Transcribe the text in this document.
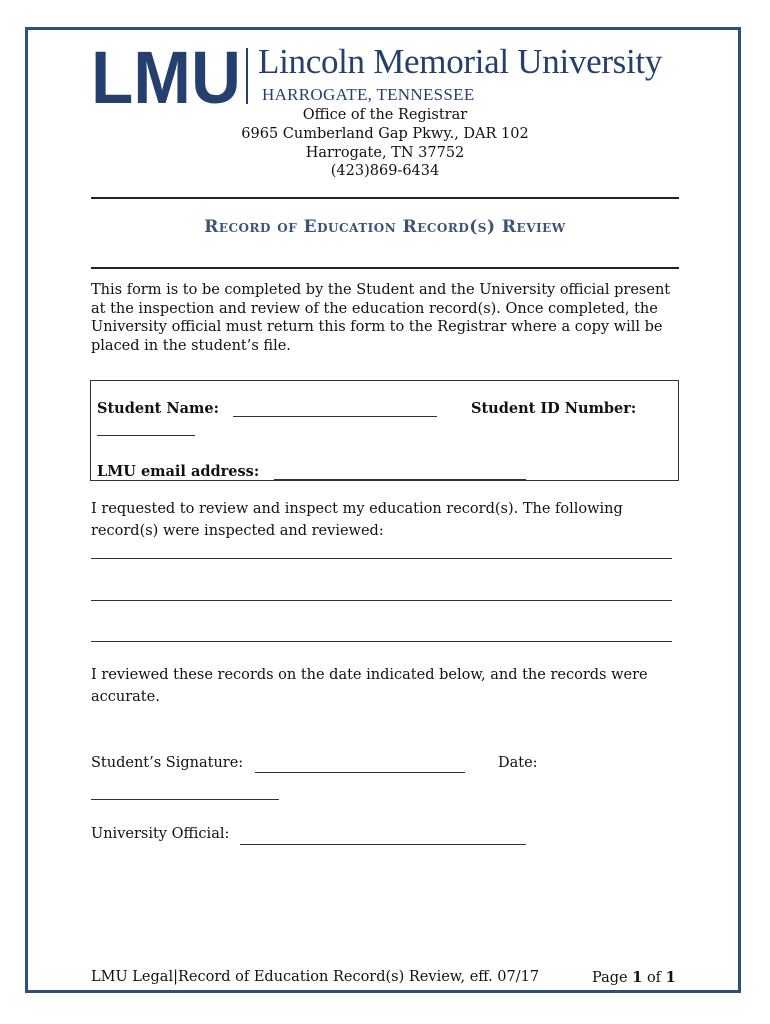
LMU Lincoln Memorial University
HARROGATE, TENNESSEE
Office of the Registrar
6965 Cumberland Gap Pkwy., DAR 102
Harrogate, TN 37752
(423)869-6434
Record of Education Record(s) Review
This form is to be completed by the Student and the University official present at the inspection and review of the education record(s). Once completed, the University official must return this form to the Registrar where a copy will be placed in the student’s file.
Student Name:	Student ID Number:
LMU email address:
I requested to review and inspect my education record(s). The following record(s) were inspected and reviewed:
I reviewed these records on the date indicated below, and the records were accurate.
Student’s Signature:	Date:
University Official:
LMU Legal|Record of Education Record(s) Review, eff. 07/17	Page 1 of 1
